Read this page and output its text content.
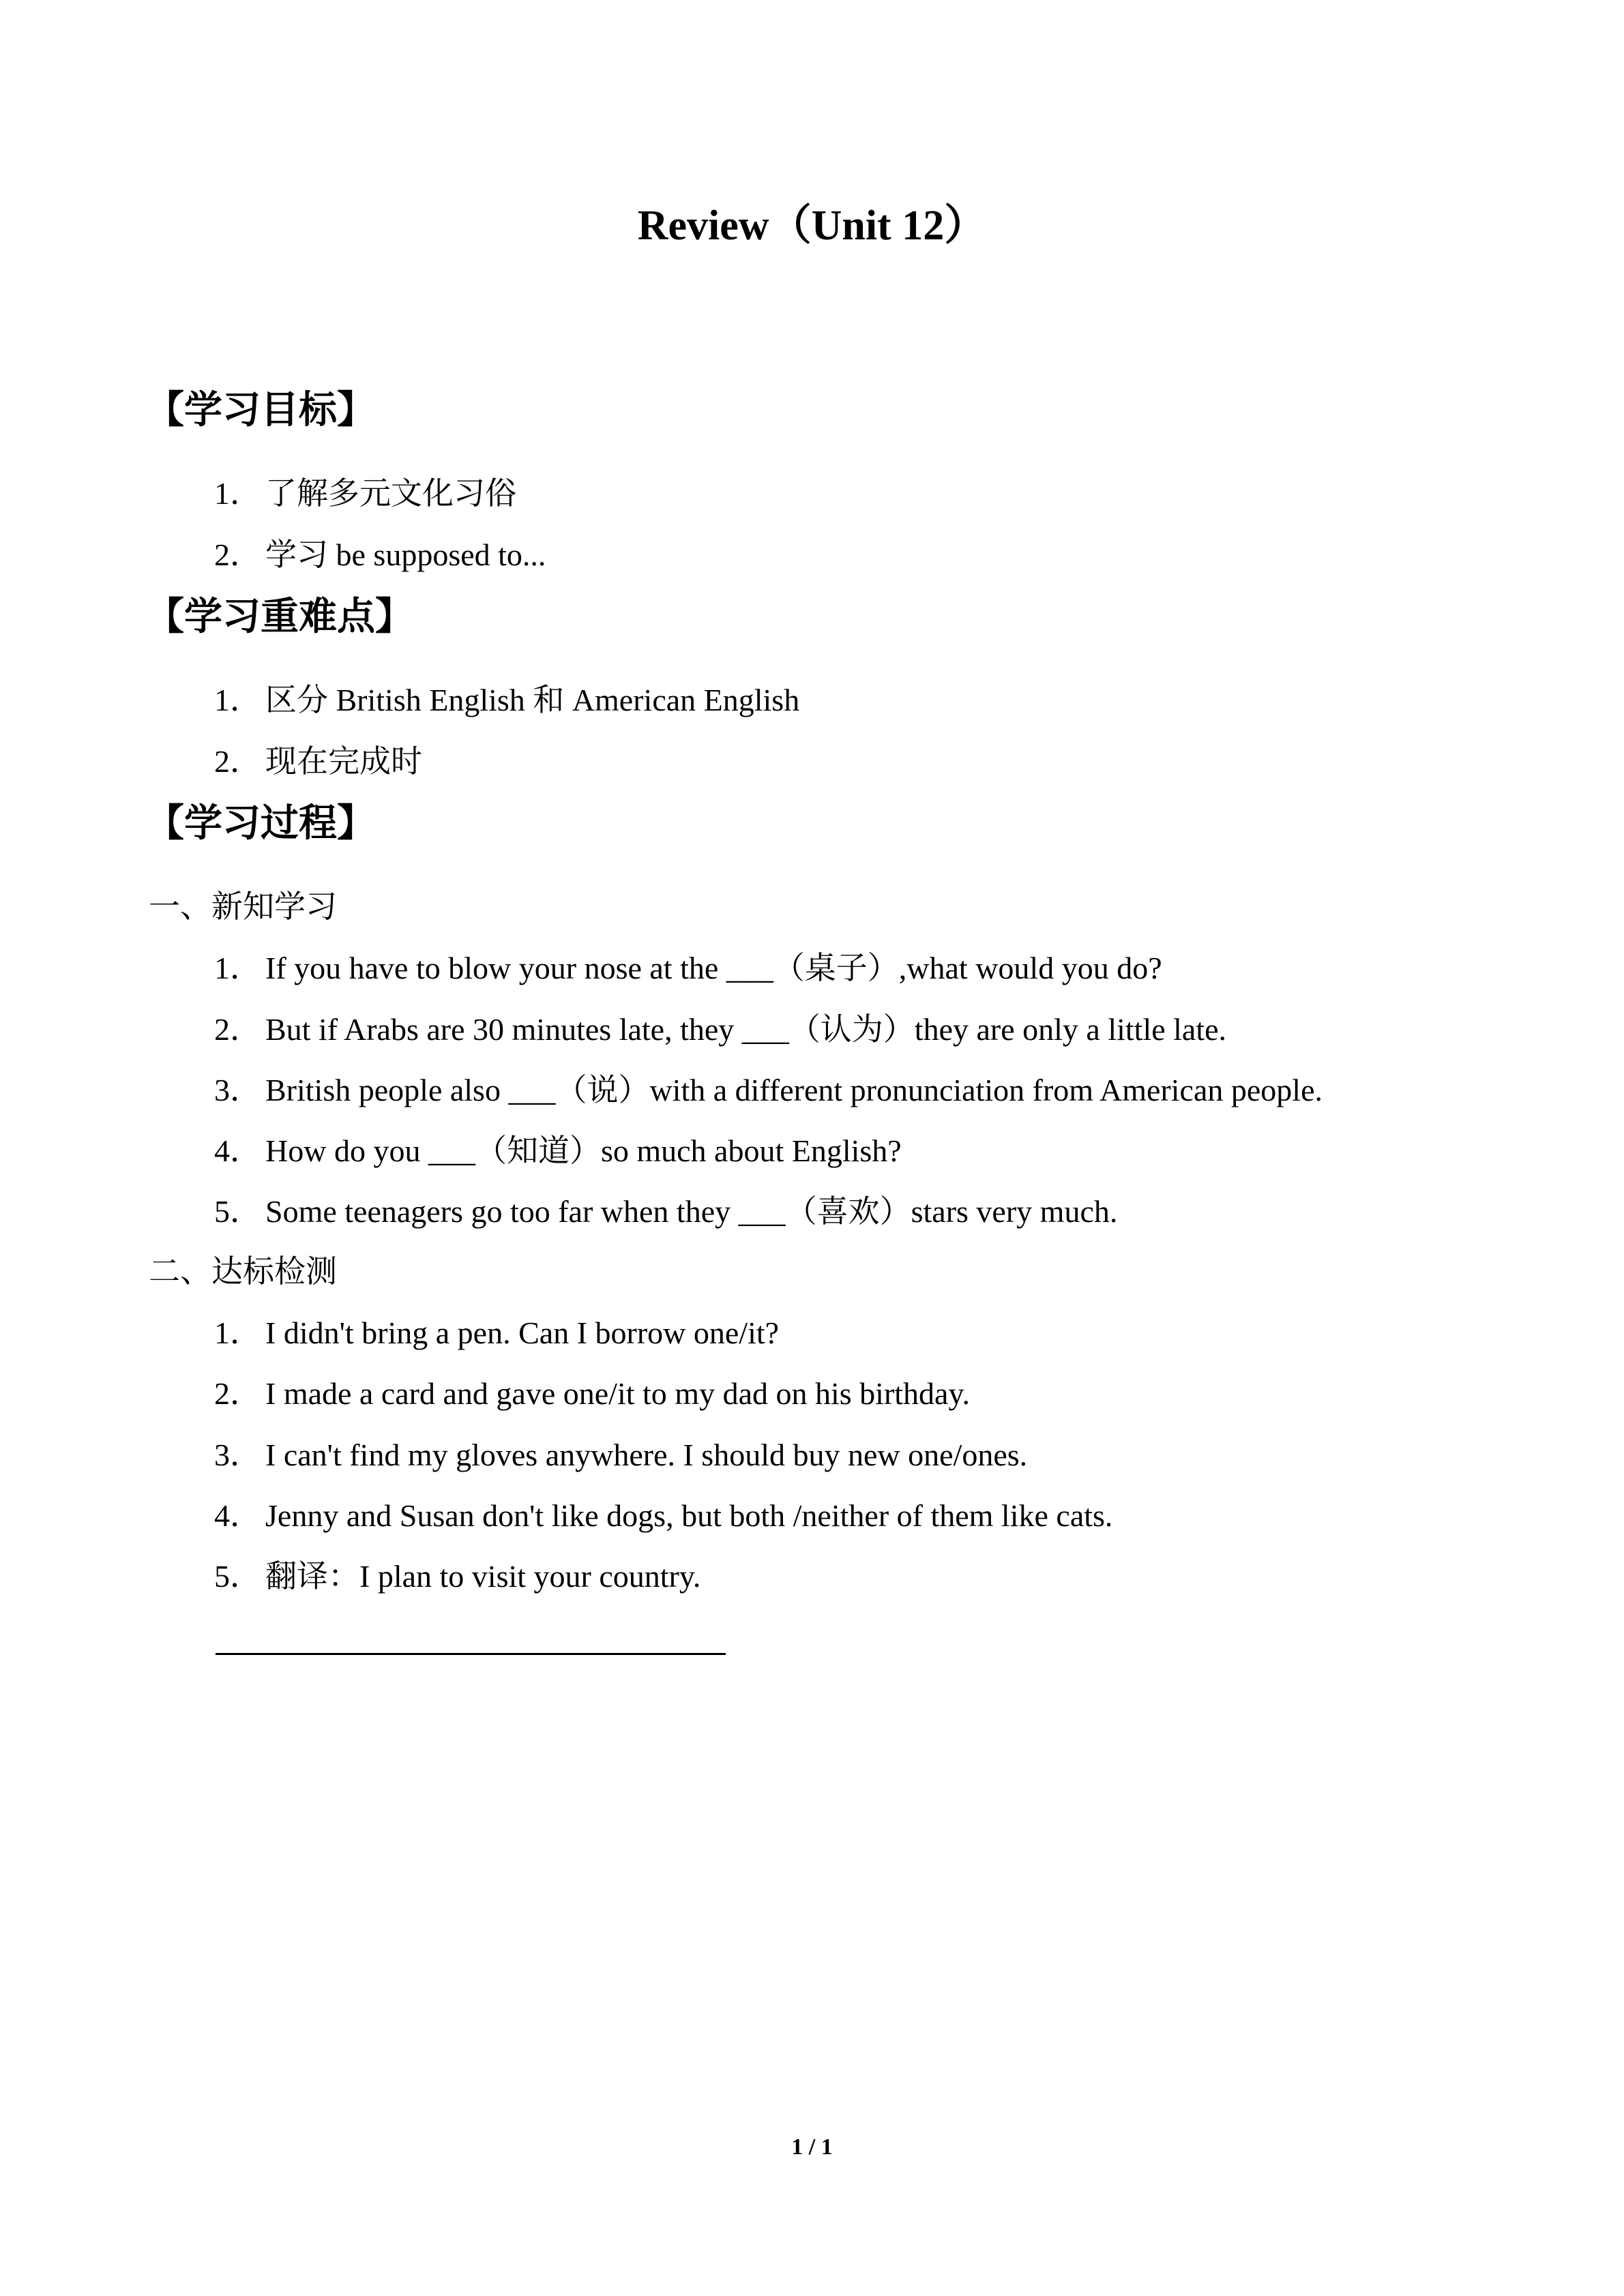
Review（Unit 12）
【学习目标】
1． 了解多元文化习俗
2． 学习 be supposed to...
【学习重难点】
1． 区分 British English 和 American English
2． 现在完成时
【学习过程】
一、新知学习
1． If you have to blow your nose at the ___（桌子）,what would you do?
2． But if Arabs are 30 minutes late, they ___（认为）they are only a little late.
3． British people also ___（说）with a different pronunciation from American people.
4． How do you ___（知道）so much about English?
5． Some teenagers go too far when they ___（喜欢）stars very much.
二、达标检测
1． I didn't bring a pen. Can I borrow one/it?
2． I made a card and gave one/it to my dad on his birthday.
3． I can't find my gloves anywhere. I should buy new one/ones.
4． Jenny and Susan don't like dogs, but both /neither of them like cats.
5． 翻译：I plan to visit your country.
1 / 1
